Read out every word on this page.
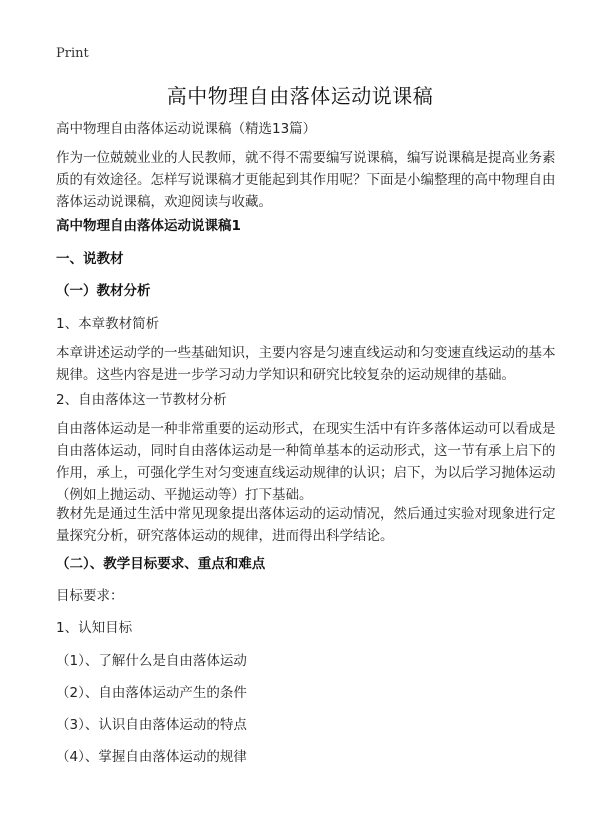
Print
高中物理自由落体运动说课稿
高中物理自由落体运动说课稿（精选13篇）
作为一位兢兢业业的人民教师，就不得不需要编写说课稿，编写说课稿是提高业务素质的有效途径。怎样写说课稿才更能起到其作用呢？下面是小编整理的高中物理自由落体运动说课稿，欢迎阅读与收藏。
高中物理自由落体运动说课稿1
一、说教材
（一）教材分析
1、本章教材简析
本章讲述运动学的一些基础知识，主要内容是匀速直线运动和匀变速直线运动的基本规律。这些内容是进一步学习动力学知识和研究比较复杂的运动规律的基础。
2、自由落体这一节教材分析
自由落体运动是一种非常重要的运动形式，在现实生活中有许多落体运动可以看成是自由落体运动，同时自由落体运动是一种简单基本的运动形式，这一节有承上启下的作用，承上，可强化学生对匀变速直线运动规律的认识；启下，为以后学习抛体运动（例如上抛运动、平抛运动等）打下基础。
教材先是通过生活中常见现象提出落体运动的运动情况，然后通过实验对现象进行定量探究分析，研究落体运动的规律，进而得出科学结论。
（二）、教学目标要求、重点和难点
目标要求：
1、认知目标
（1）、了解什么是自由落体运动
（2）、自由落体运动产生的条件
（3）、认识自由落体运动的特点
（4）、掌握自由落体运动的规律
